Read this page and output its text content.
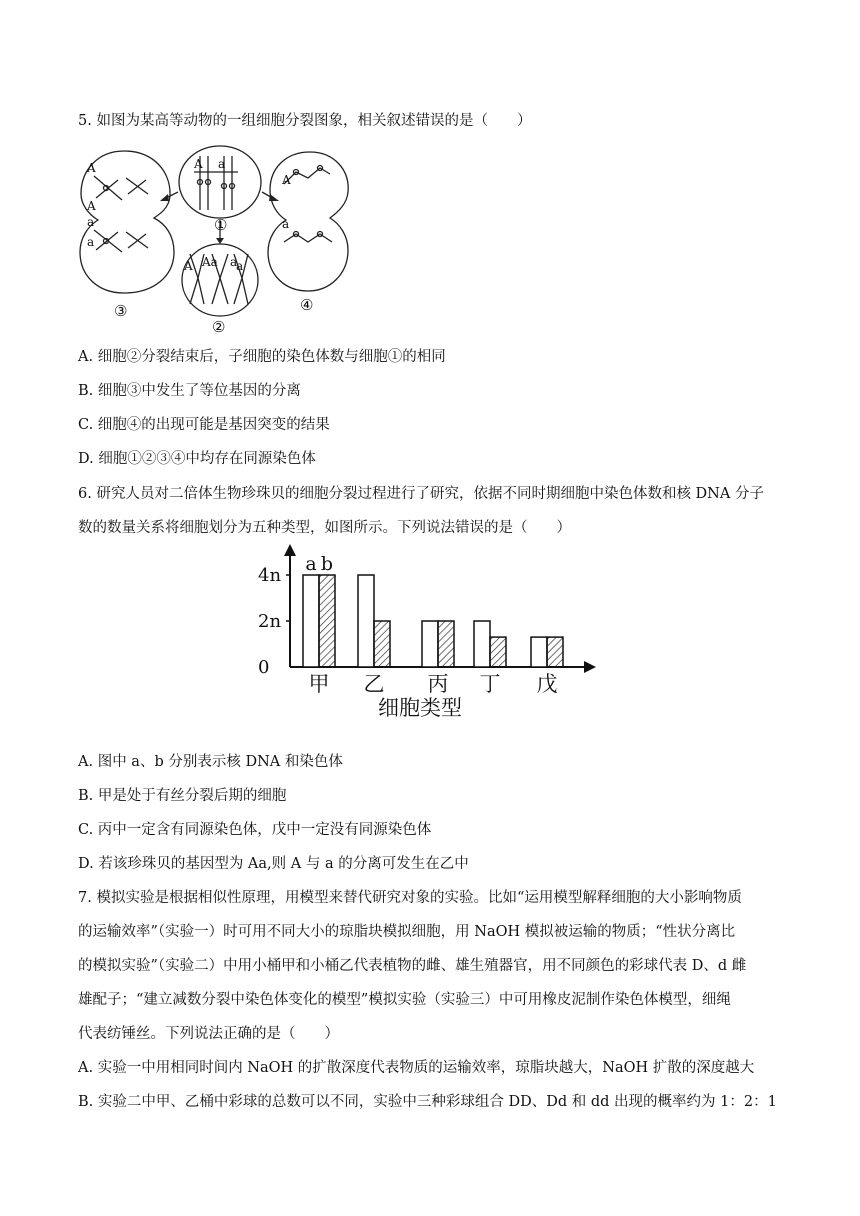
5. 如图为某高等动物的一组细胞分裂图象，相关叙述错误的是（　　）
A
A
a
a
A a
A
a
A Aa a
a
③
①
④
②
A. 细胞②分裂结束后，子细胞的染色体数与细胞①的相同
B. 细胞③中发生了等位基因的分离
C. 细胞④的出现可能是基因突变的结果
D. 细胞①②③④中均存在同源染色体
6. 研究人员对二倍体生物珍珠贝的细胞分裂过程进行了研究，依据不同时期细胞中染色体数和核 DNA 分子
数的数量关系将细胞划分为五种类型，如图所示。下列说法错误的是（　　）
0
2n
4n
甲 乙 丙 丁 戊
a b
细胞类型
A. 图中 a、b 分别表示核 DNA 和染色体
B. 甲是处于有丝分裂后期的细胞
C. 丙中一定含有同源染色体，戊中一定没有同源染色体
D. 若该珍珠贝的基因型为 Aa,则 A 与 a 的分离可发生在乙中
7. 模拟实验是根据相似性原理，用模型来替代研究对象的实验。比如“运用模型解释细胞的大小影响物质
的运输效率”（实验一）时可用不同大小的琼脂块模拟细胞，用 NaOH 模拟被运输的物质；“性状分离比
的模拟实验”（实验二）中用小桶甲和小桶乙代表植物的雌、雄生殖器官，用不同颜色的彩球代表 D、d 雌
雄配子；“建立减数分裂中染色体变化的模型”模拟实验（实验三）中可用橡皮泥制作染色体模型，细绳
代表纺锤丝。下列说法正确的是（　　）
A. 实验一中用相同时间内 NaOH 的扩散深度代表物质的运输效率，琼脂块越大，NaOH 扩散的深度越大
B. 实验二中甲、乙桶中彩球的总数可以不同，实验中三种彩球组合 DD、Dd 和 dd 出现的概率约为 1：2：1
